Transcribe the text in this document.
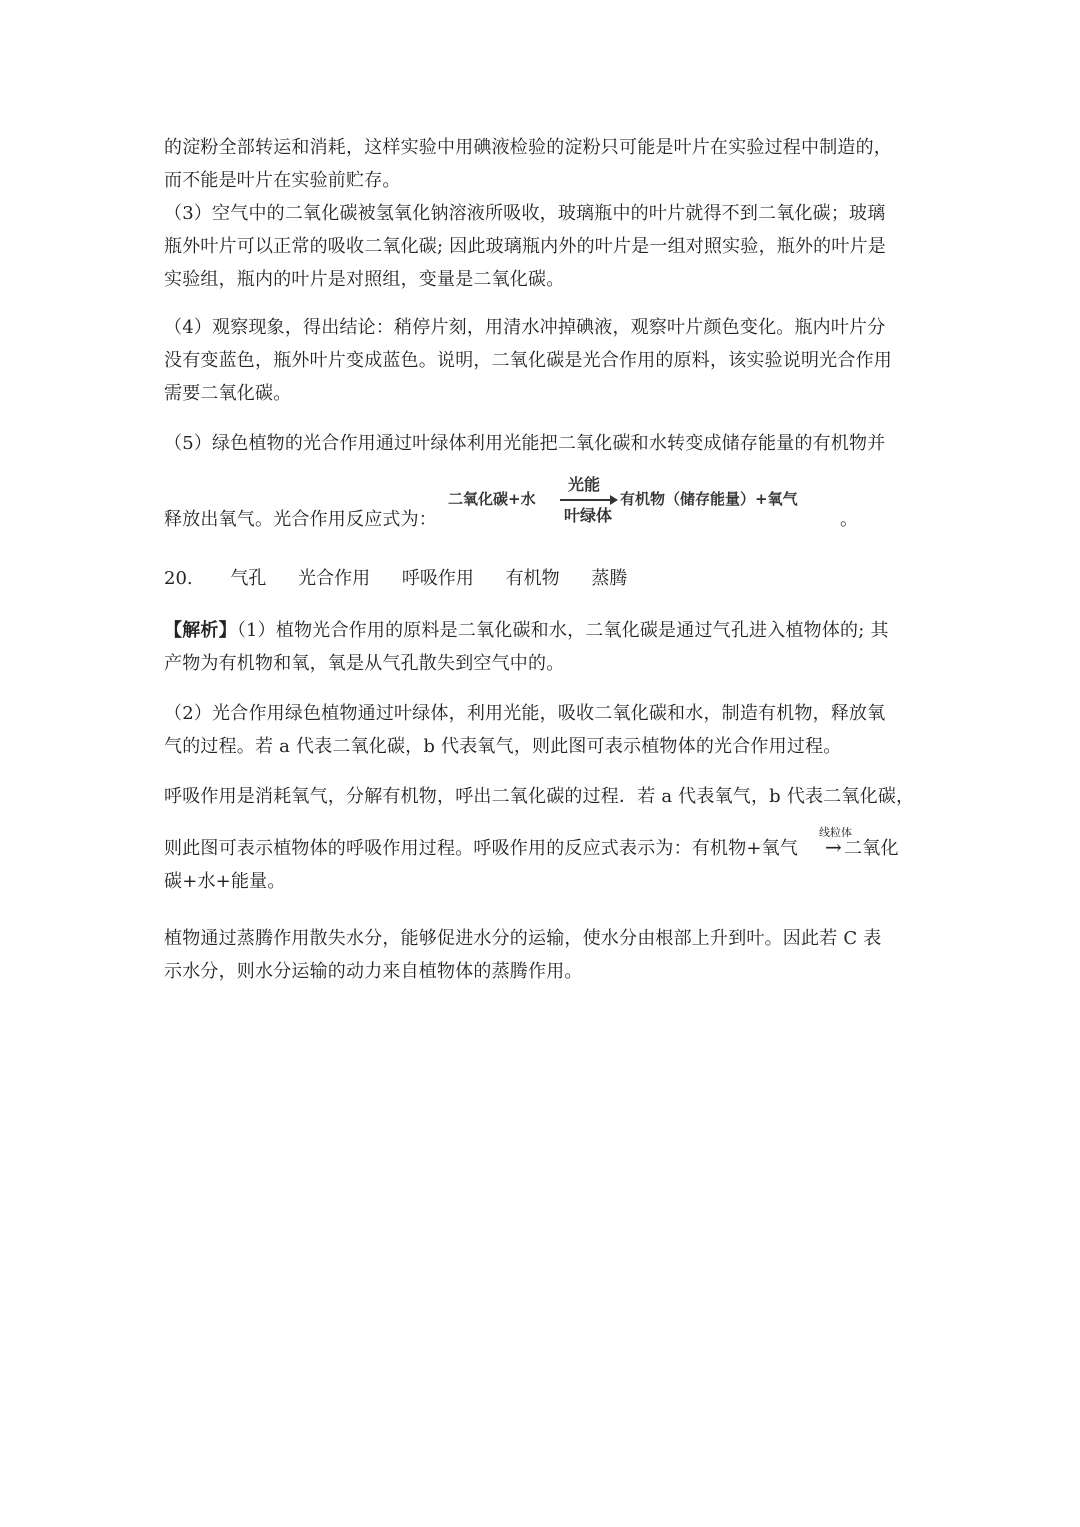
的淀粉全部转运和消耗，这样实验中用碘液检验的淀粉只可能是叶片在实验过程中制造的，
而不能是叶片在实验前贮存。

（3）空气中的二氧化碳被氢氧化钠溶液所吸收，玻璃瓶中的叶片就得不到二氧化碳；玻璃
瓶外叶片可以正常的吸收二氧化碳; 因此玻璃瓶内外的叶片是一组对照实验，瓶外的叶片是
实验组，瓶内的叶片是对照组，变量是二氧化碳。

（4）观察现象，得出结论：稍停片刻，用清水冲掉碘液，观察叶片颜色变化。瓶内叶片分
没有变蓝色，瓶外叶片变成蓝色。说明，二氧化碳是光合作用的原料，该实验说明光合作用
需要二氧化碳。

（5）绿色植物的光合作用通过叶绿体利用光能把二氧化碳和水转变成储存能量的有机物并

释放出氧气。光合作用反应式为：	。
二氧化碳+水
光能
叶绿体
有机物（储存能量）+氧气
20. 气孔 光合作用 呼吸作用 有机物 蒸腾

【解析】（1）植物光合作用的原料是二氧化碳和水，二氧化碳是通过气孔进入植物体的; 其
产物为有机物和氧，氧是从气孔散失到空气中的。

（2）光合作用绿色植物通过叶绿体，利用光能，吸收二氧化碳和水，制造有机物，释放氧
气的过程。若 a 代表二氧化碳，b 代表氧气，则此图可表示植物体的光合作用过程。

呼吸作用是消耗氧气，分解有机物，呼出二氧化碳的过程．若 a 代表氧气，b 代表二氧化碳，

则此图可表示植物体的呼吸作用过程。呼吸作用的反应式表示为：有机物+氧气	二氧化
碳+水+能量。

线粒体
→

植物通过蒸腾作用散失水分，能够促进水分的运输，使水分由根部上升到叶。因此若 C 表
示水分，则水分运输的动力来自植物体的蒸腾作用。
